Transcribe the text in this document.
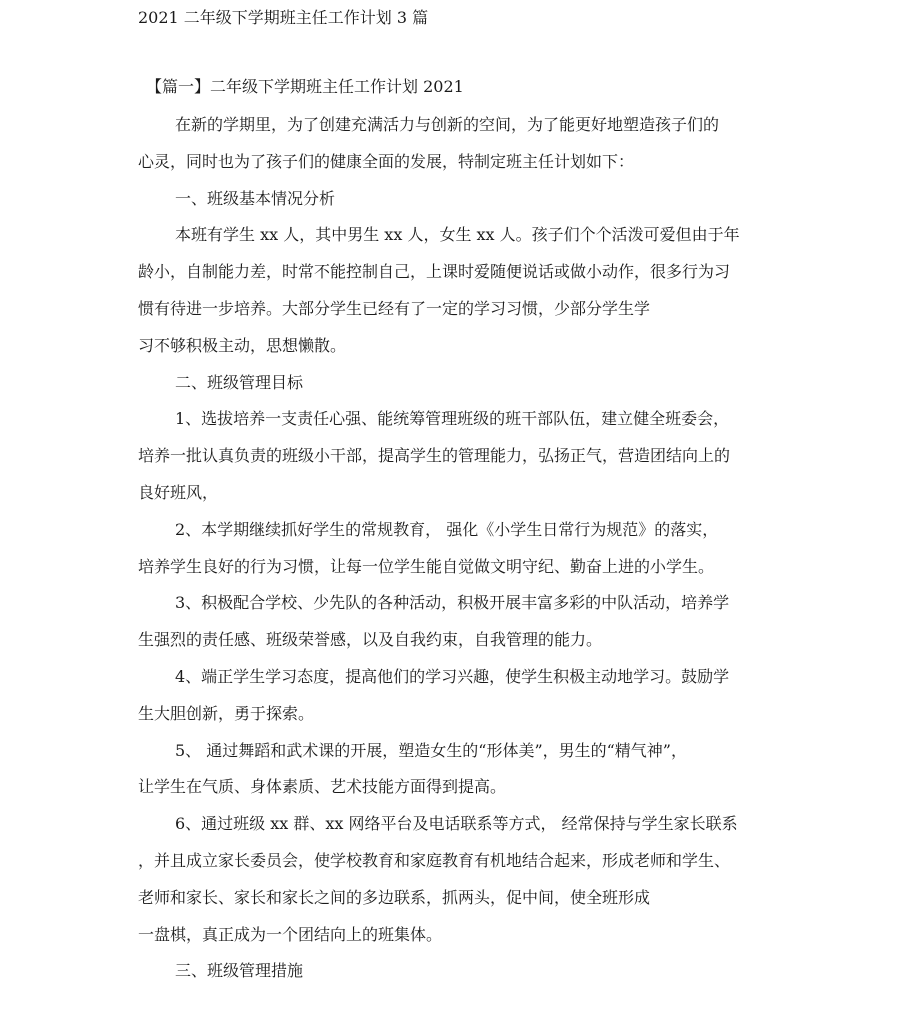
2021 二年级下学期班主任工作计划 3 篇
【篇一】二年级下学期班主任工作计划 2021
在新的学期里，为了创建充满活力与创新的空间，为了能更好地塑造孩子们的
心灵，同时也为了孩子们的健康全面的发展，特制定班主任计划如下：
一、班级基本情况分析
本班有学生 xx 人，其中男生 xx 人，女生 xx 人。孩子们个个活泼可爱但由于年
龄小，自制能力差，时常不能控制自己，上课时爱随便说话或做小动作，很多行为习
惯有待进一步培养。大部分学生已经有了一定的学习习惯，少部分学生学
习不够积极主动，思想懒散。
二、班级管理目标
1、选拔培养一支责任心强、能统筹管理班级的班干部队伍，建立健全班委会，
培养一批认真负责的班级小干部，提高学生的管理能力，弘扬正气，营造团结向上的
良好班风，
2、本学期继续抓好学生的常规教育， 强化《小学生日常行为规范》的落实，
培养学生良好的行为习惯，让每一位学生能自觉做文明守纪、勤奋上进的小学生。
3、积极配合学校、少先队的各种活动，积极开展丰富多彩的中队活动，培养学
生强烈的责任感、班级荣誉感，以及自我约束，自我管理的能力。
4、端正学生学习态度，提高他们的学习兴趣，使学生积极主动地学习。鼓励学
生大胆创新，勇于探索。
5、 通过舞蹈和武术课的开展，塑造女生的“形体美”，男生的“精气神”，
让学生在气质、身体素质、艺术技能方面得到提高。
6、通过班级 xx 群、xx 网络平台及电话联系等方式， 经常保持与学生家长联系
，并且成立家长委员会，使学校教育和家庭教育有机地结合起来，形成老师和学生、
老师和家长、家长和家长之间的多边联系，抓两头，促中间，使全班形成
一盘棋，真正成为一个团结向上的班集体。
三、班级管理措施
